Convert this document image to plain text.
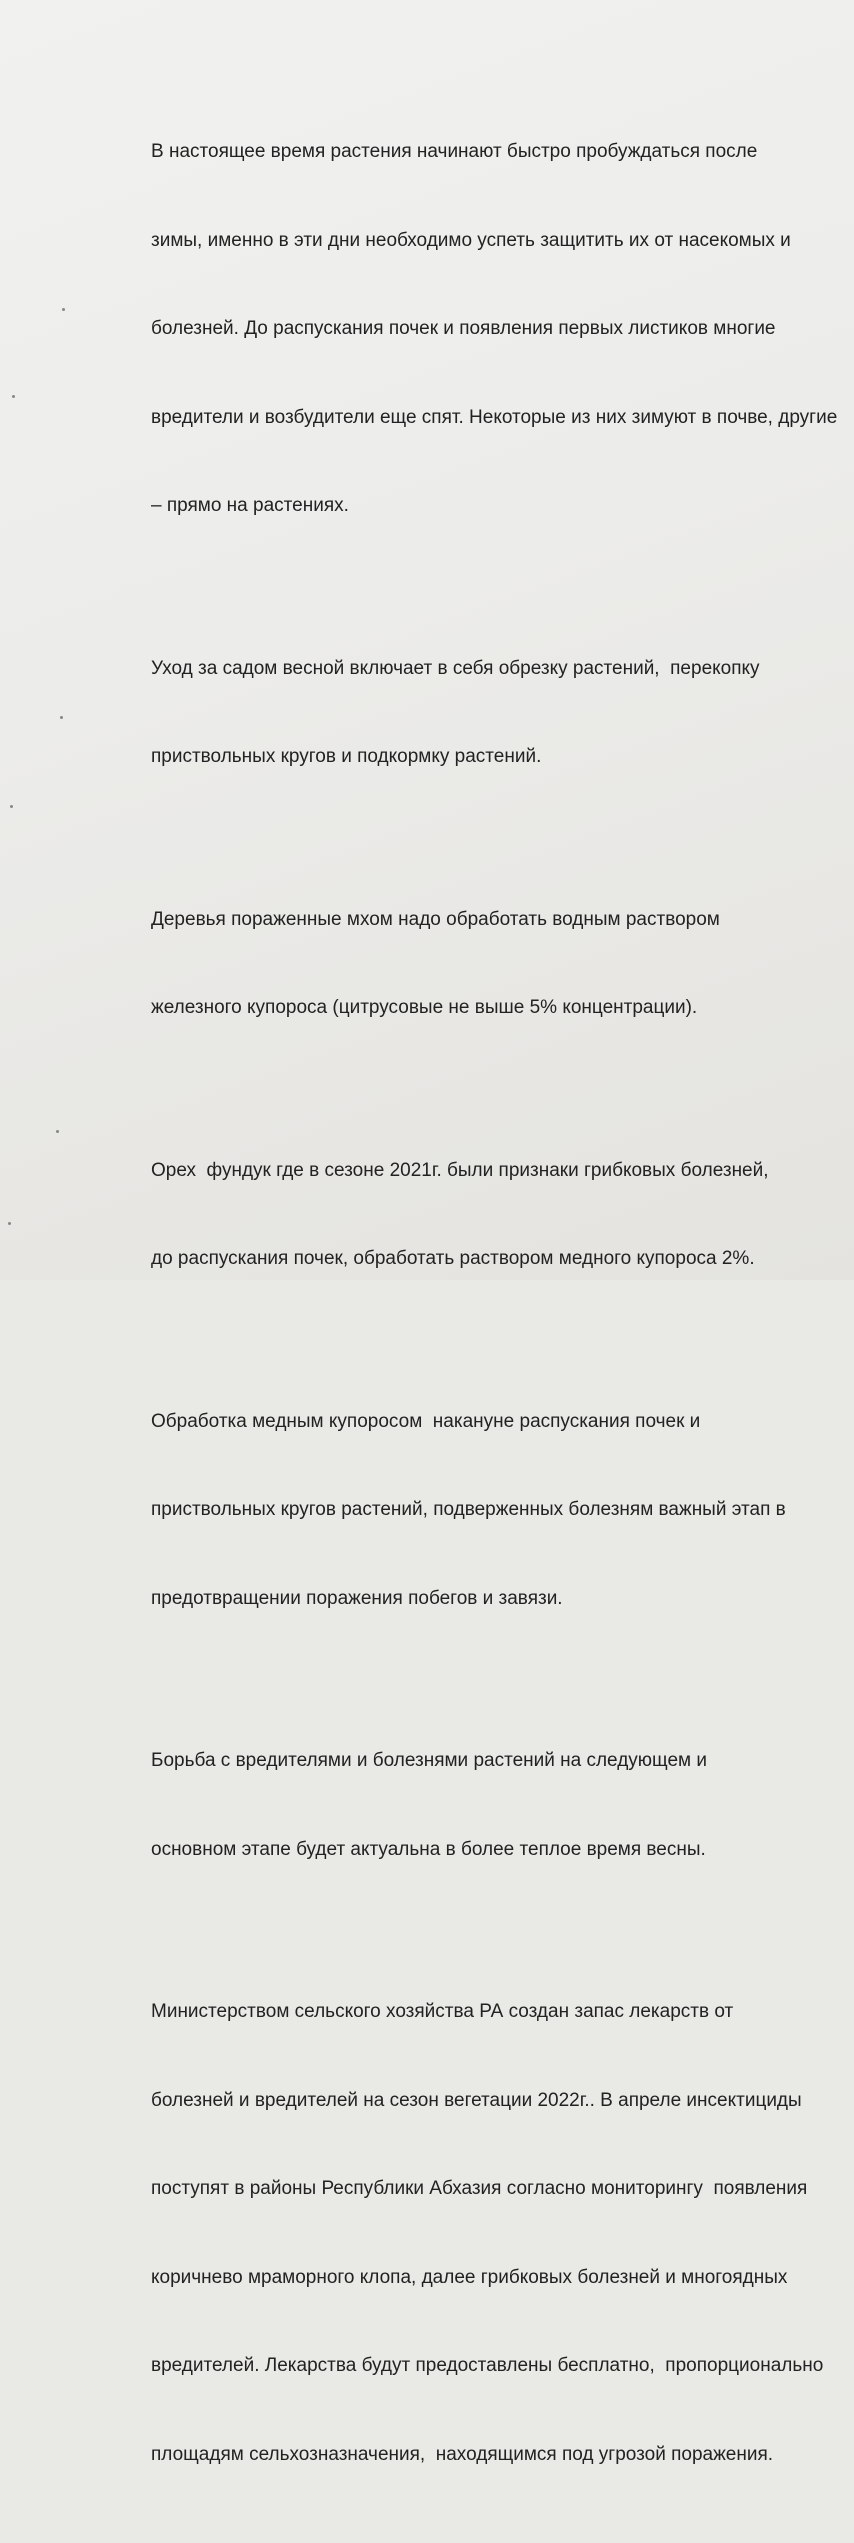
В настоящее время растения начинают быстро пробуждаться после

зимы, именно в эти дни необходимо успеть защитить их от насекомых и

болезней. До распускания почек и появления первых листиков многие

вредители и возбудители еще спят. Некоторые из них зимуют в почве, другие

– прямо на растениях.

Уход за садом весной включает в себя обрезку растений,  перекопку

приствольных кругов и подкормку растений.

Деревья пораженные мхом надо обработать водным раствором

железного купороса (цитрусовые не выше 5% концентрации).

Орех  фундук где в сезоне 2021г. были признаки грибковых болезней,

до распускания почек, обработать раствором медного купороса 2%.

Обработка медным купоросом  накануне распускания почек и

приствольных кругов растений, подверженных болезням важный этап в

предотвращении поражения побегов и завязи.

Борьба с вредителями и болезнями растений на следующем и

основном этапе будет актуальна в более теплое время весны.

Министерством сельского хозяйства РА создан запас лекарств от

болезней и вредителей на сезон вегетации 2022г.. В апреле инсектициды

поступят в районы Республики Абхазия согласно мониторингу  появления

коричнево мраморного клопа, далее грибковых болезней и многоядных

вредителей. Лекарства будут предоставлены бесплатно,  пропорционально

площадям сельхозназначения,  находящимся под угрозой поражения.
